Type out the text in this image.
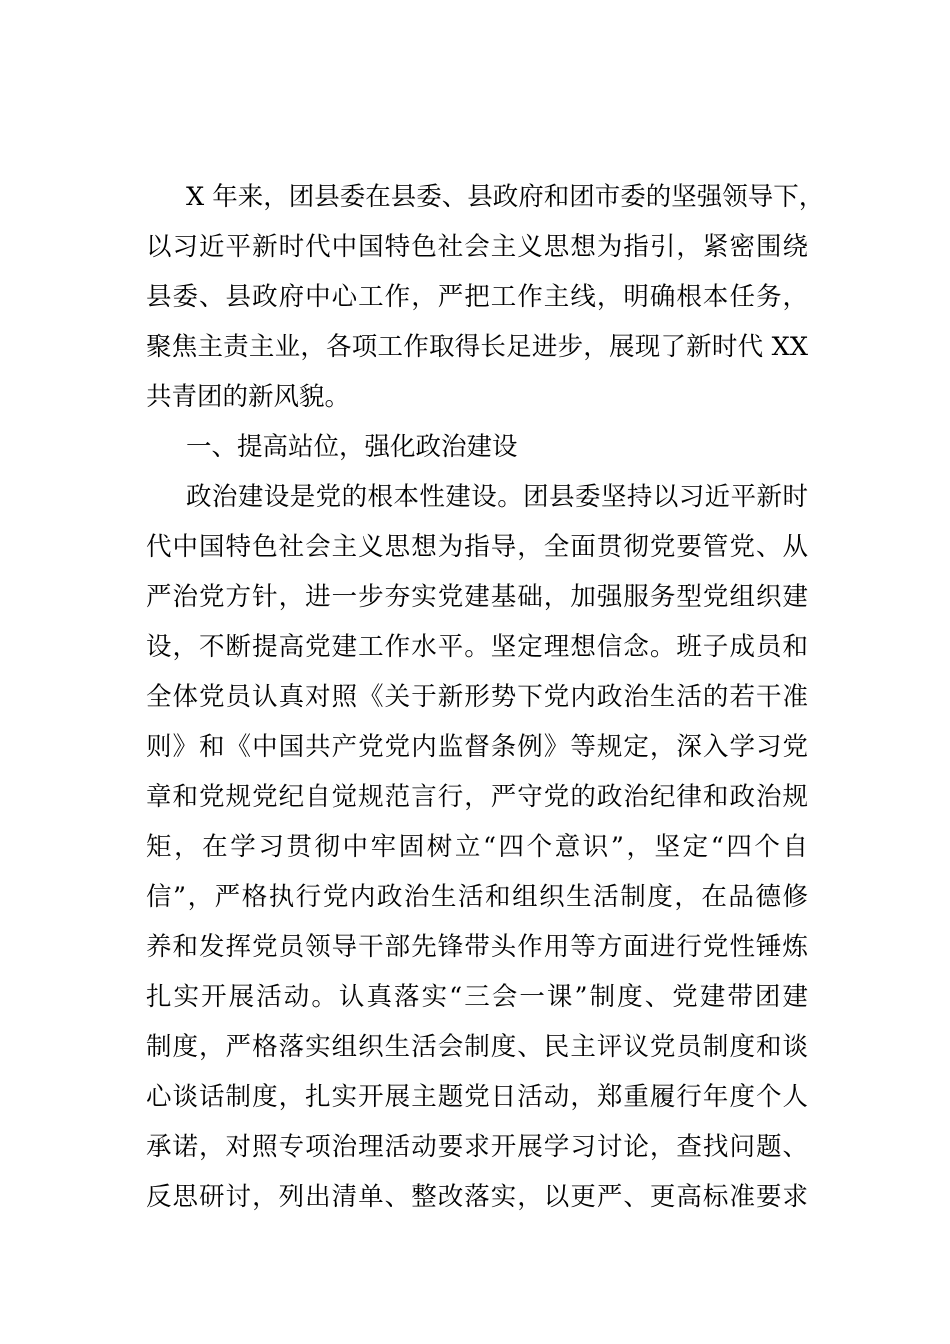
X 年来，团县委在县委、县政府和团市委的坚强领导下，
以习近平新时代中国特色社会主义思想为指引，紧密围绕
县委、县政府中心工作，严把工作主线，明确根本任务，
聚焦主责主业，各项工作取得长足进步，展现了新时代 XX
共青团的新风貌。
一、提高站位，强化政治建设
政治建设是党的根本性建设。团县委坚持以习近平新时
代中国特色社会主义思想为指导，全面贯彻党要管党、从
严治党方针，进一步夯实党建基础，加强服务型党组织建
设，不断提高党建工作水平。坚定理想信念。班子成员和
全体党员认真对照《关于新形势下党内政治生活的若干准
则》和《中国共产党党内监督条例》等规定，深入学习党
章和党规党纪自觉规范言行，严守党的政治纪律和政治规
矩，在学习贯彻中牢固树立“四个意识”，坚定“四个自
信”，严格执行党内政治生活和组织生活制度，在品德修
养和发挥党员领导干部先锋带头作用等方面进行党性锤炼
扎实开展活动。认真落实“三会一课”制度、党建带团建
制度，严格落实组织生活会制度、民主评议党员制度和谈
心谈话制度，扎实开展主题党日活动，郑重履行年度个人
承诺，对照专项治理活动要求开展学习讨论，查找问题、
反思研讨，列出清单、整改落实，以更严、更高标准要求
